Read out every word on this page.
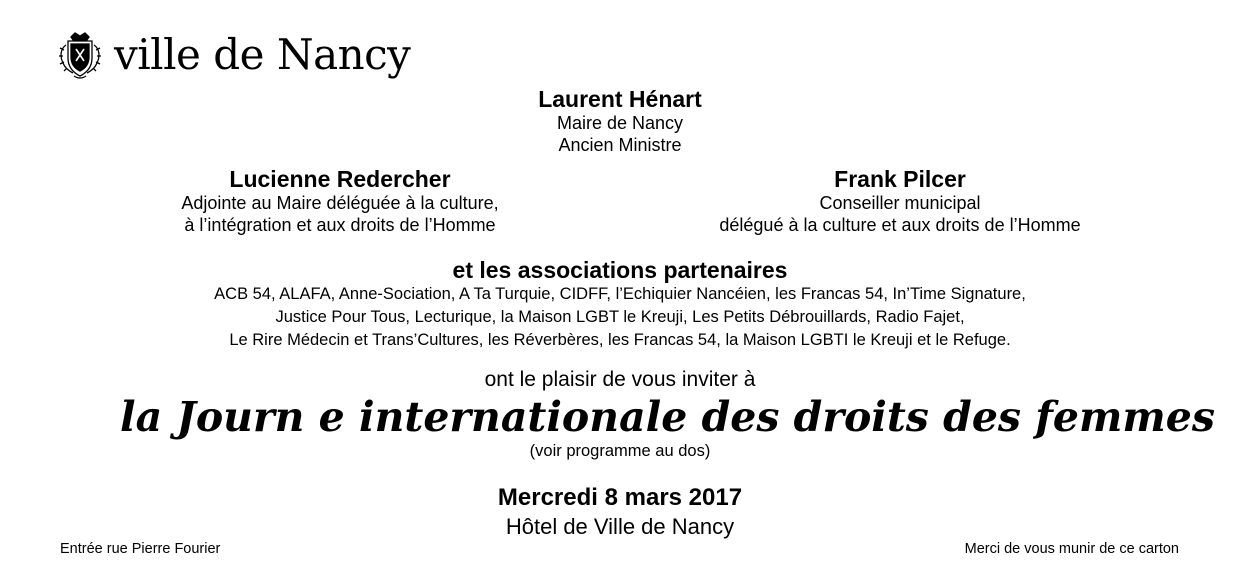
ville de Nancy
Laurent Hénart
Maire de Nancy
Ancien Ministre
Lucienne Redercher
Adjointe au Maire déléguée à la culture,
à l’intégration et aux droits de l’Homme
Frank Pilcer
Conseiller municipal
délégué à la culture et aux droits de l’Homme
et les associations partenaires
ACB 54, ALAFA, Anne-Sociation, A Ta Turquie, CIDFF, l’Echiquier Nancéien, les Francas 54, In’Time Signature,
Justice Pour Tous, Lecturique, la Maison LGBT le Kreuji, Les Petits Débrouillards, Radio Fajet,
Le Rire Médecin et Trans’Cultures, les Réverbères, les Francas 54, la Maison LGBTI le Kreuji et le Refuge.
ont le plaisir de vous inviter à
la Journ e internationale des droits des femmes
(voir programme au dos)
Mercredi 8 mars 2017
Hôtel de Ville de Nancy
Entrée rue Pierre Fourier	Merci de vous munir de ce carton
